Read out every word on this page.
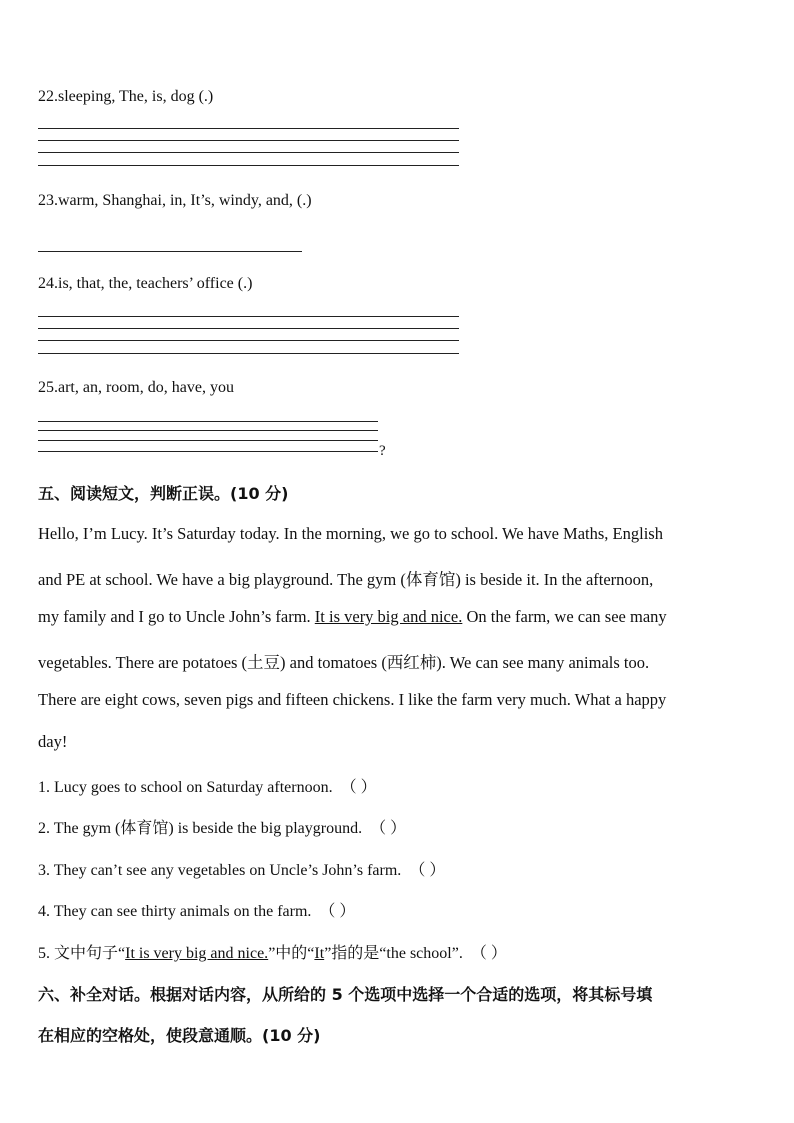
22.sleeping, The, is, dog (.)
23.warm, Shanghai, in, It’s, windy, and, (.)
24.is, that, the, teachers’ office (.)
25.art, an, room, do, have, you
?
五、阅读短文，判断正误。(10 分)
Hello, I’m Lucy. It’s Saturday today. In the morning, we go to school. We have Maths, English
and PE at school. We have a big playground. The gym (体育馆) is beside it. In the afternoon,
my family and I go to Uncle John’s farm. It is very big and nice. On the farm, we can see many
vegetables. There are potatoes (土豆) and tomatoes (西红柿). We can see many animals too.
There are eight cows, seven pigs and fifteen chickens. I like the farm very much. What a happy
day!
1. Lucy goes to school on Saturday afternoon. （ ）
2. The gym (体育馆) is beside the big playground. （ ）
3. They can’t see any vegetables on Uncle’s John’s farm. （ ）
4. They can see thirty animals on the farm. （ ）
5. 文中句子“It is very big and nice.”中的“It”指的是“the school”. （ ）
六、补全对话。根据对话内容，从所给的 5 个选项中选择一个合适的选项，将其标号填
在相应的空格处，使段意通顺。(10 分)
